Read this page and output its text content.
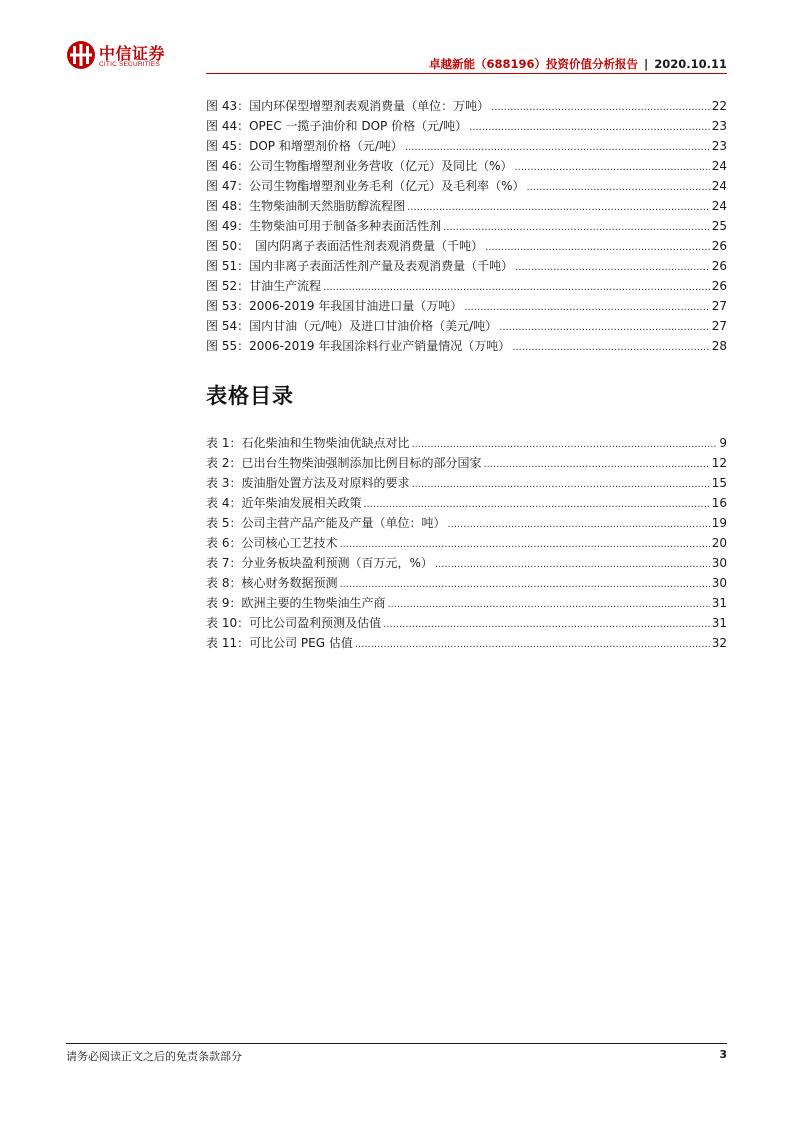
中信证券
CITIC SECURITIES	卓越新能（688196）投资价值分析报告 | 2020.10.11
图 43：国内环保型增塑剂表观消费量（单位：万吨） .....	22
图 44：OPEC 一揽子油价和 DOP 价格（元/吨） .....	23
图 45：DOP 和增塑剂价格（元/吨） .....	23
图 46：公司生物酯增塑剂业务营收（亿元）及同比（%） .....	24
图 47：公司生物酯增塑剂业务毛利（亿元）及毛利率（%） .....	24
图 48：生物柴油制天然脂肪醇流程图 .....	24
图 49：生物柴油可用于制备多种表面活性剂 .....	25
图 50：　国内阴离子表面活性剂表观消费量（千吨） .....	26
图 51：国内非离子表面活性剂产量及表观消费量（千吨） .....	26
图 52：甘油生产流程 .....	26
图 53：2006-2019 年我国甘油进口量（万吨） .....	27
图 54：国内甘油（元/吨）及进口甘油价格（美元/吨） .....	27
图 55：2006-2019 年我国涂料行业产销量情况（万吨） .....	28
表格目录
表 1：石化柴油和生物柴油优缺点对比 .....	9
表 2：已出台生物柴油强制添加比例目标的部分国家 .....	12
表 3：废油脂处置方法及对原料的要求 .....	15
表 4：近年柴油发展相关政策 .....	16
表 5：公司主营产品产能及产量（单位：吨） .....	19
表 6：公司核心工艺技术 .....	20
表 7：分业务板块盈利预测（百万元，%） .....	30
表 8：核心财务数据预测 .....	30
表 9：欧洲主要的生物柴油生产商 .....	31
表 10：可比公司盈利预测及估值 .....	31
表 11：可比公司 PEG 估值 .....	32
请务必阅读正文之后的免责条款部分	3
